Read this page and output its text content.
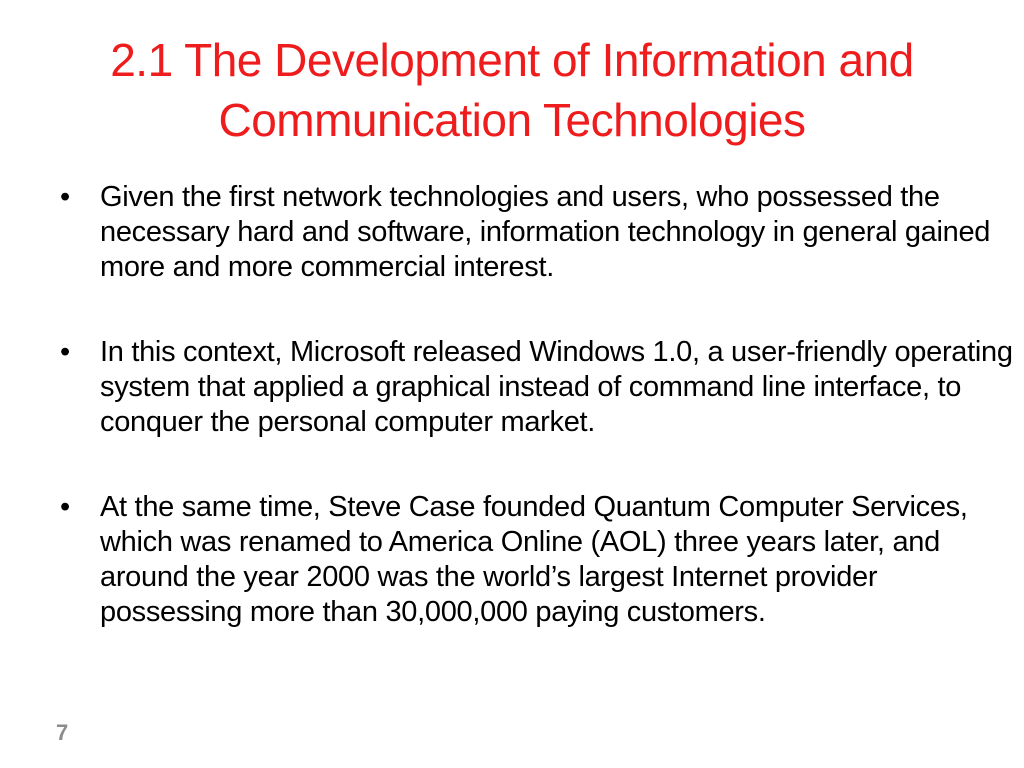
2.1 The Development of Information and Communication Technologies
• Given the first network technologies and users, who possessed the necessary hard and software, information technology in general gained more and more commercial interest.
• In this context, Microsoft released Windows 1.0, a user-friendly operating system that applied a graphical instead of command line interface, to conquer the personal computer market.
• At the same time, Steve Case founded Quantum Computer Services, which was renamed to America Online (AOL) three years later, and around the year 2000 was the world’s largest Internet provider possessing more than 30,000,000 paying customers.
7
